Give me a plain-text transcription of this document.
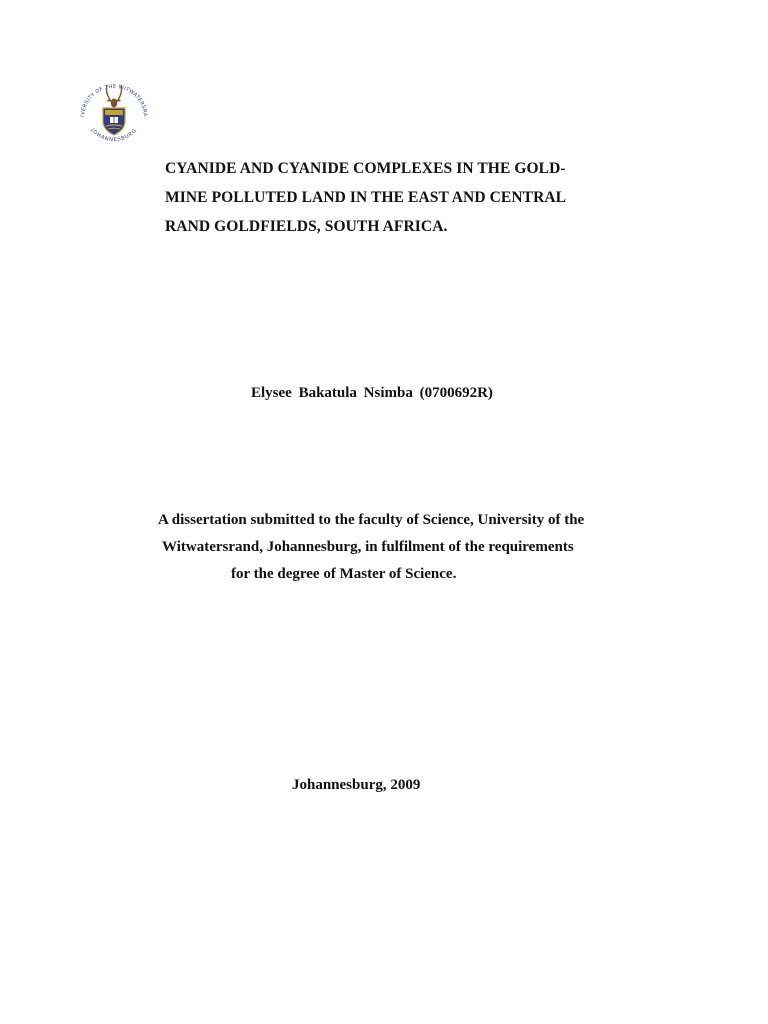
IVERSITY OF THE WITWATERSRA
JOHANNESBURG
CYANIDE AND CYANIDE COMPLEXES IN THE GOLD-
MINE POLLUTED LAND IN THE EAST AND CENTRAL
RAND GOLDFIELDS, SOUTH AFRICA.
Elysee Bakatula Nsimba (0700692R)
A dissertation submitted to the faculty of Science, University of the
Witwatersrand, Johannesburg, in fulfilment of the requirements
for the degree of Master of Science.
Johannesburg, 2009
